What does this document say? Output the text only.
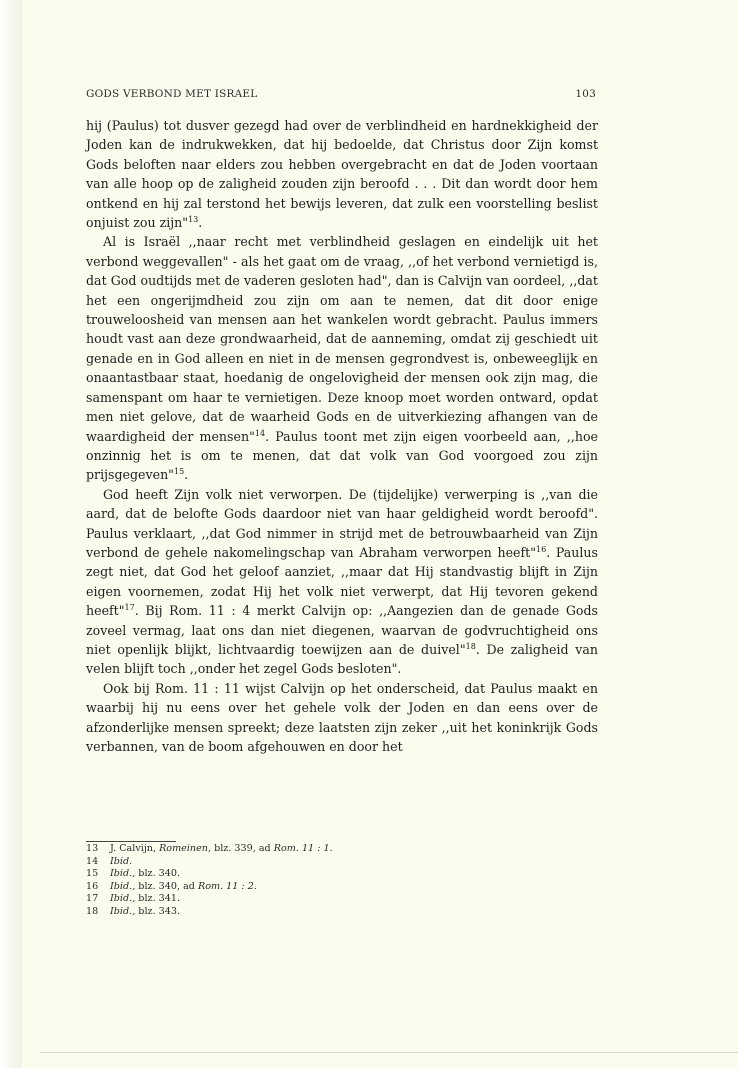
GODS VERBOND MET ISRAEL	103

hij (Paulus) tot dusver gezegd had over de verblindheid en hardnekkigheid der Joden kan de indrukwekken, dat hij bedoelde, dat Christus door Zijn komst Gods beloften naar elders zou hebben overgebracht en dat de Joden voortaan van alle hoop op de zaligheid zouden zijn beroofd . . . Dit dan wordt door hem ontkend en hij zal terstond het bewijs leveren, dat zulk een voorstelling beslist onjuist zou zijn"$^{13}$.

Al is Israël ,,naar recht met verblindheid geslagen en eindelijk uit het verbond weggevallen" - als het gaat om de vraag, ,,of het verbond vernietigd is, dat God oudtijds met de vaderen gesloten had", dan is Calvijn van oordeel, ,,dat het een ongerijmdheid zou zijn om aan te nemen, dat dit door enige trouweloosheid van mensen aan het wankelen wordt gebracht. Paulus immers houdt vast aan deze grondwaarheid, dat de aanneming, omdat zij geschiedt uit genade en in God alleen en niet in de mensen gegrondvest is, onbeweeglijk en onaantastbaar staat, hoedanig de ongelovigheid der mensen ook zijn mag, die samenspant om haar te vernietigen. Deze knoop moet worden ontward, opdat men niet gelove, dat de waarheid Gods en de uitverkiezing afhangen van de waardigheid der mensen"$^{14}$. Paulus toont met zijn eigen voorbeeld aan, ,,hoe onzinnig het is om te menen, dat dat volk van God voorgoed zou zijn prijsgegeven"$^{15}$.

God heeft Zijn volk niet verworpen. De (tijdelijke) verwerping is ,,van die aard, dat de belofte Gods daardoor niet van haar geldigheid wordt beroofd". Paulus verklaart, ,,dat God nimmer in strijd met de betrouwbaarheid van Zijn verbond de gehele nakomelingschap van Abraham verworpen heeft"$^{16}$. Paulus zegt niet, dat God het geloof aanziet, ,,maar dat Hij standvastig blijft in Zijn eigen voornemen, zodat Hij het volk niet verwerpt, dat Hij tevoren gekend heeft"$^{17}$. Bij Rom. 11 : 4 merkt Calvijn op: ,,Aangezien dan de genade Gods zoveel vermag, laat ons dan niet diegenen, waarvan de godvruchtigheid ons niet openlijk blijkt, lichtvaardig toewijzen aan de duivel"$^{18}$. De zaligheid van velen blijft toch ,,onder het zegel Gods besloten".

Ook bij Rom. 11 : 11 wijst Calvijn op het onderscheid, dat Paulus maakt en waarbij hij nu eens over het gehele volk der Joden en dan eens over de afzonderlijke mensen spreekt; deze laatsten zijn zeker ,,uit het koninkrijk Gods verbannen, van de boom afgehouwen en door het

13 J. Calvijn, Romeinen, blz. 339, ad Rom. 11 : 1.
14 Ibid.
15 Ibid., blz. 340.
16 Ibid., blz. 340, ad Rom. 11 : 2.
17 Ibid., blz. 341.
18 Ibid., blz. 343.
